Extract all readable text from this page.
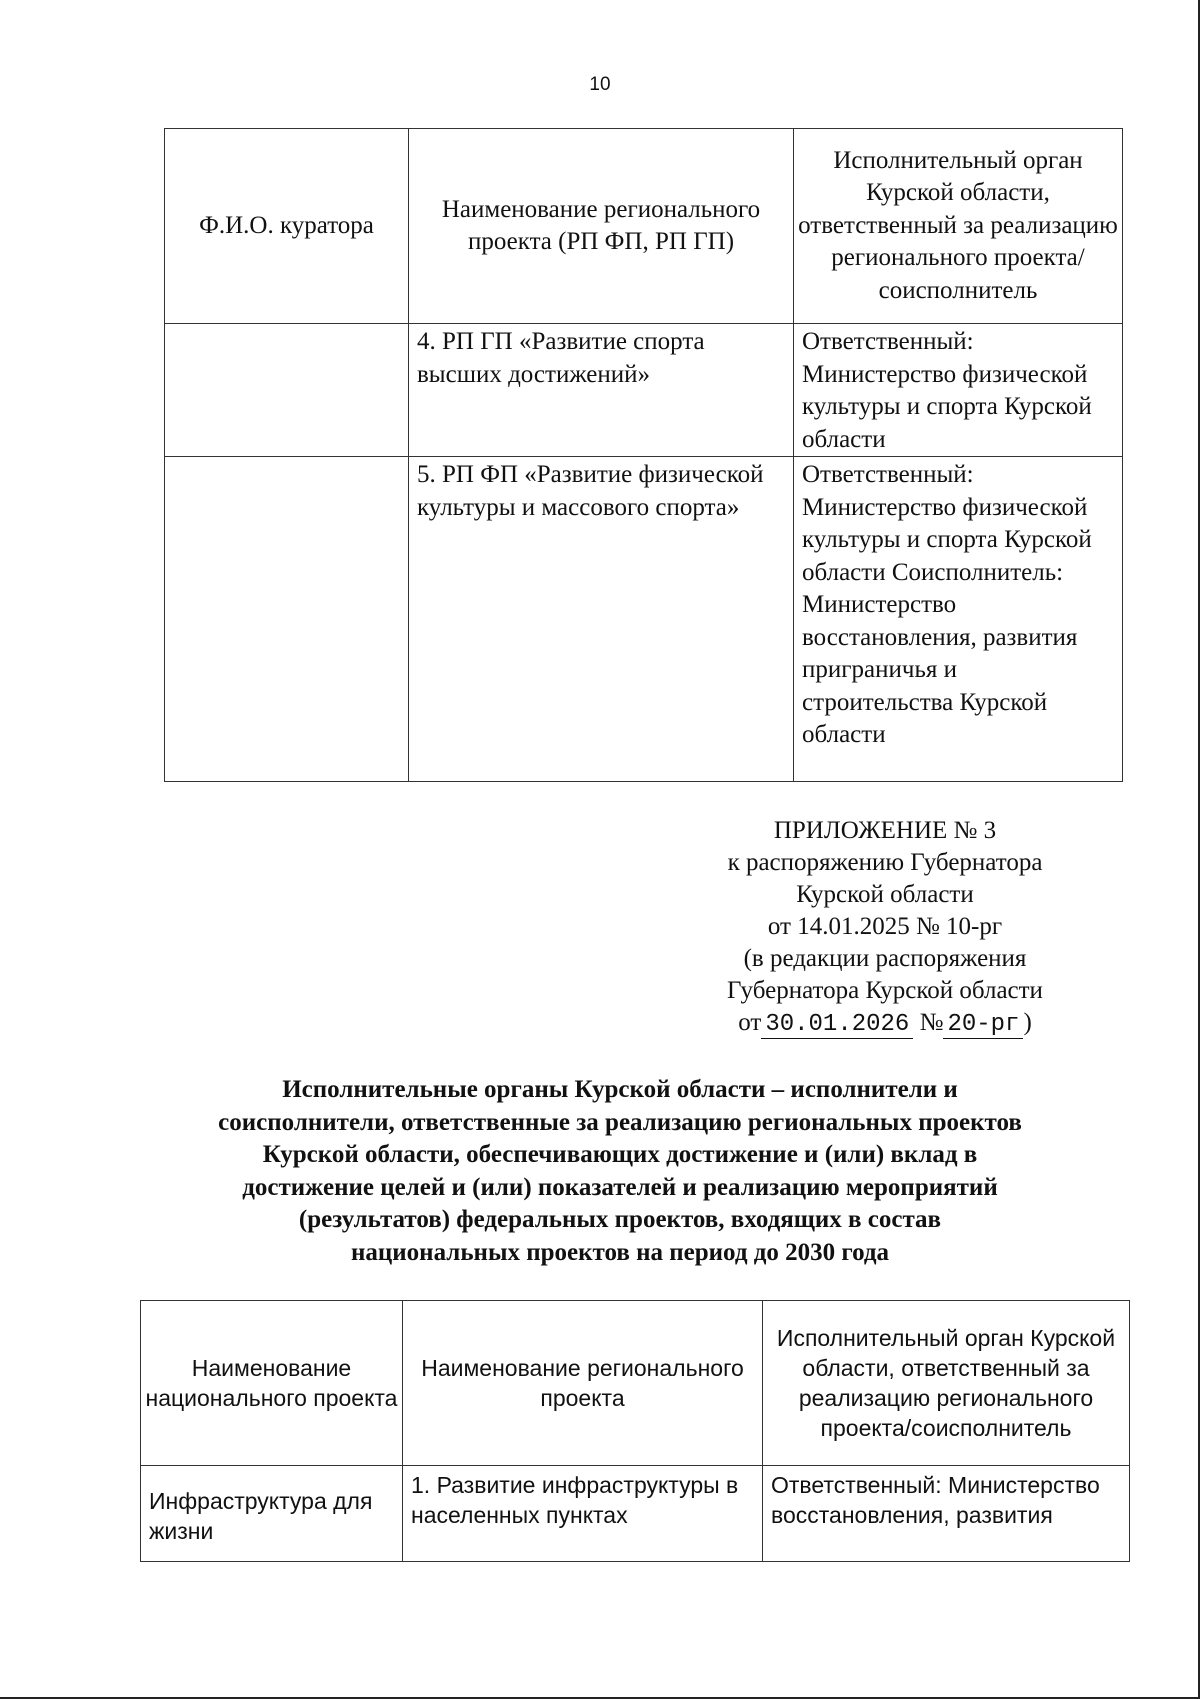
10
Ф.И.О. куратора	Наименование регионального проекта (РП ФП, РП ГП)	Исполнительный орган Курской области, ответственный за реализацию регионального проекта/соисполнитель
	4. РП ГП «Развитие спорта высших достижений»	Ответственный: Министерство физической культуры и спорта Курской области
	5. РП ФП «Развитие физической культуры и массового спорта»	Ответственный: Министерство физической культуры и спорта Курской области Соисполнитель: Министерство восстановления, развития приграничья и строительства Курской области
ПРИЛОЖЕНИЕ № 3
к распоряжению Губернатора
Курской области
от 14.01.2025 № 10-рг
(в редакции распоряжения
Губернатора Курской области
от 30.01.2026 № 20-рг )
Исполнительные органы Курской области – исполнители и
соисполнители, ответственные за реализацию региональных проектов
Курской области, обеспечивающих достижение и (или) вклад в
достижение целей и (или) показателей и реализацию мероприятий
(результатов) федеральных проектов, входящих в состав
национальных проектов на период до 2030 года
Наименование национального проекта	Наименование регионального проекта	Исполнительный орган Курской области, ответственный за реализацию регионального проекта/соисполнитель
Инфраструктура для жизни	1. Развитие инфраструктуры в населенных пунктах	Ответственный: Министерство восстановления, развития
